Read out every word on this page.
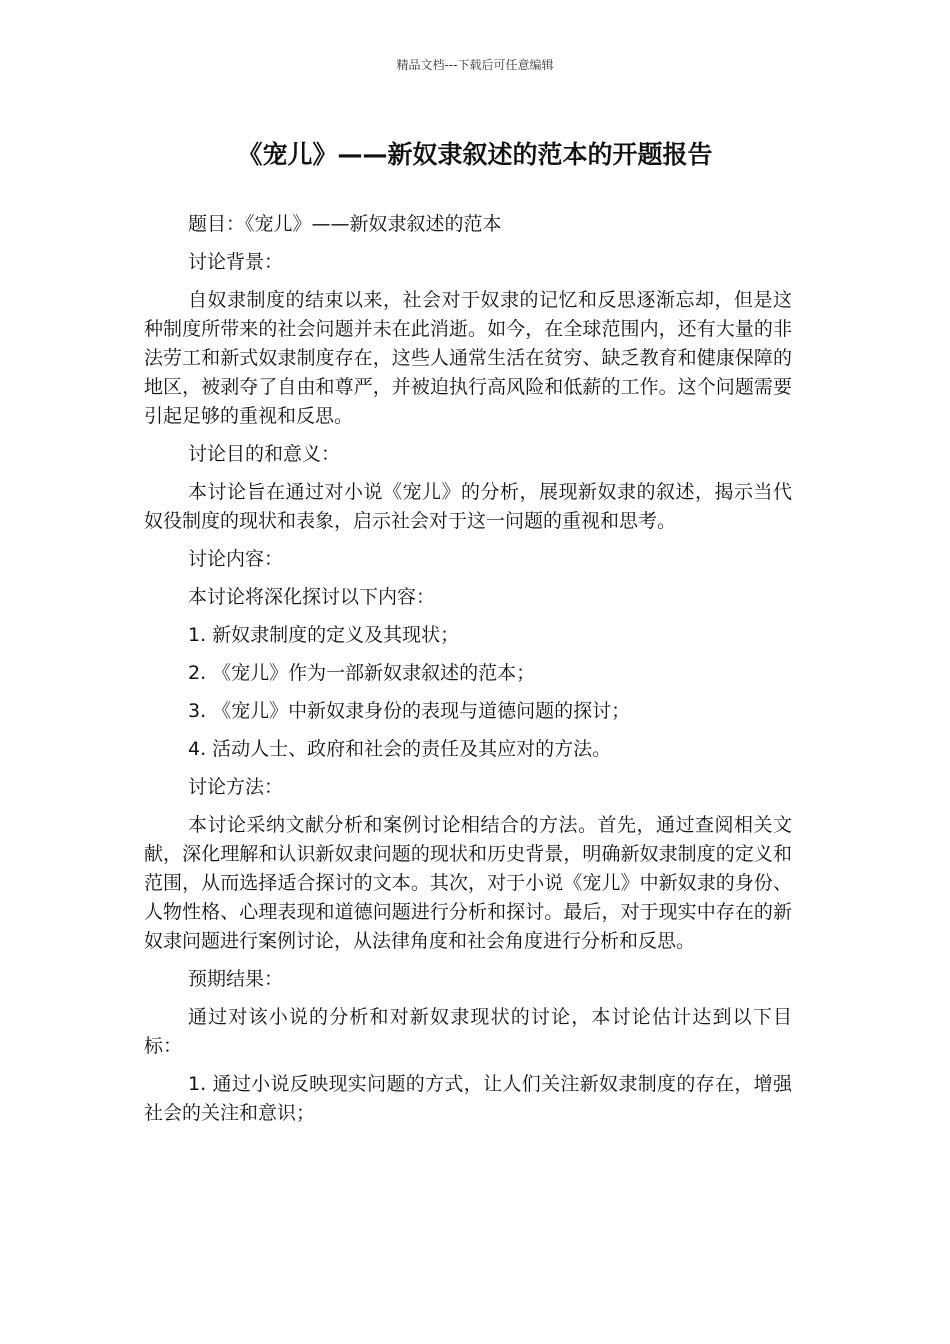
精品文档---下载后可任意编辑
《宠儿》——新奴隶叙述的范本的开题报告

题目：《宠儿》——新奴隶叙述的范本

讨论背景：

自奴隶制度的结束以来，社会对于奴隶的记忆和反思逐渐忘却，但是这种制度所带来的社会问题并未在此消逝。如今，在全球范围内，还有大量的非法劳工和新式奴隶制度存在，这些人通常生活在贫穷、缺乏教育和健康保障的地区，被剥夺了自由和尊严，并被迫执行高风险和低薪的工作。这个问题需要引起足够的重视和反思。

讨论目的和意义：

本讨论旨在通过对小说《宠儿》的分析，展现新奴隶的叙述，揭示当代奴役制度的现状和表象，启示社会对于这一问题的重视和思考。

讨论内容：

本讨论将深化探讨以下内容：

1. 新奴隶制度的定义及其现状；

2. 《宠儿》作为一部新奴隶叙述的范本；

3. 《宠儿》中新奴隶身份的表现与道德问题的探讨；

4. 活动人士、政府和社会的责任及其应对的方法。

讨论方法：

本讨论采纳文献分析和案例讨论相结合的方法。首先，通过查阅相关文献，深化理解和认识新奴隶问题的现状和历史背景，明确新奴隶制度的定义和范围，从而选择适合探讨的文本。其次，对于小说《宠儿》中新奴隶的身份、人物性格、心理表现和道德问题进行分析和探讨。最后，对于现实中存在的新奴隶问题进行案例讨论，从法律角度和社会角度进行分析和反思。

预期结果：

通过对该小说的分析和对新奴隶现状的讨论，本讨论估计达到以下目标：

1. 通过小说反映现实问题的方式，让人们关注新奴隶制度的存在，增强社会的关注和意识；
